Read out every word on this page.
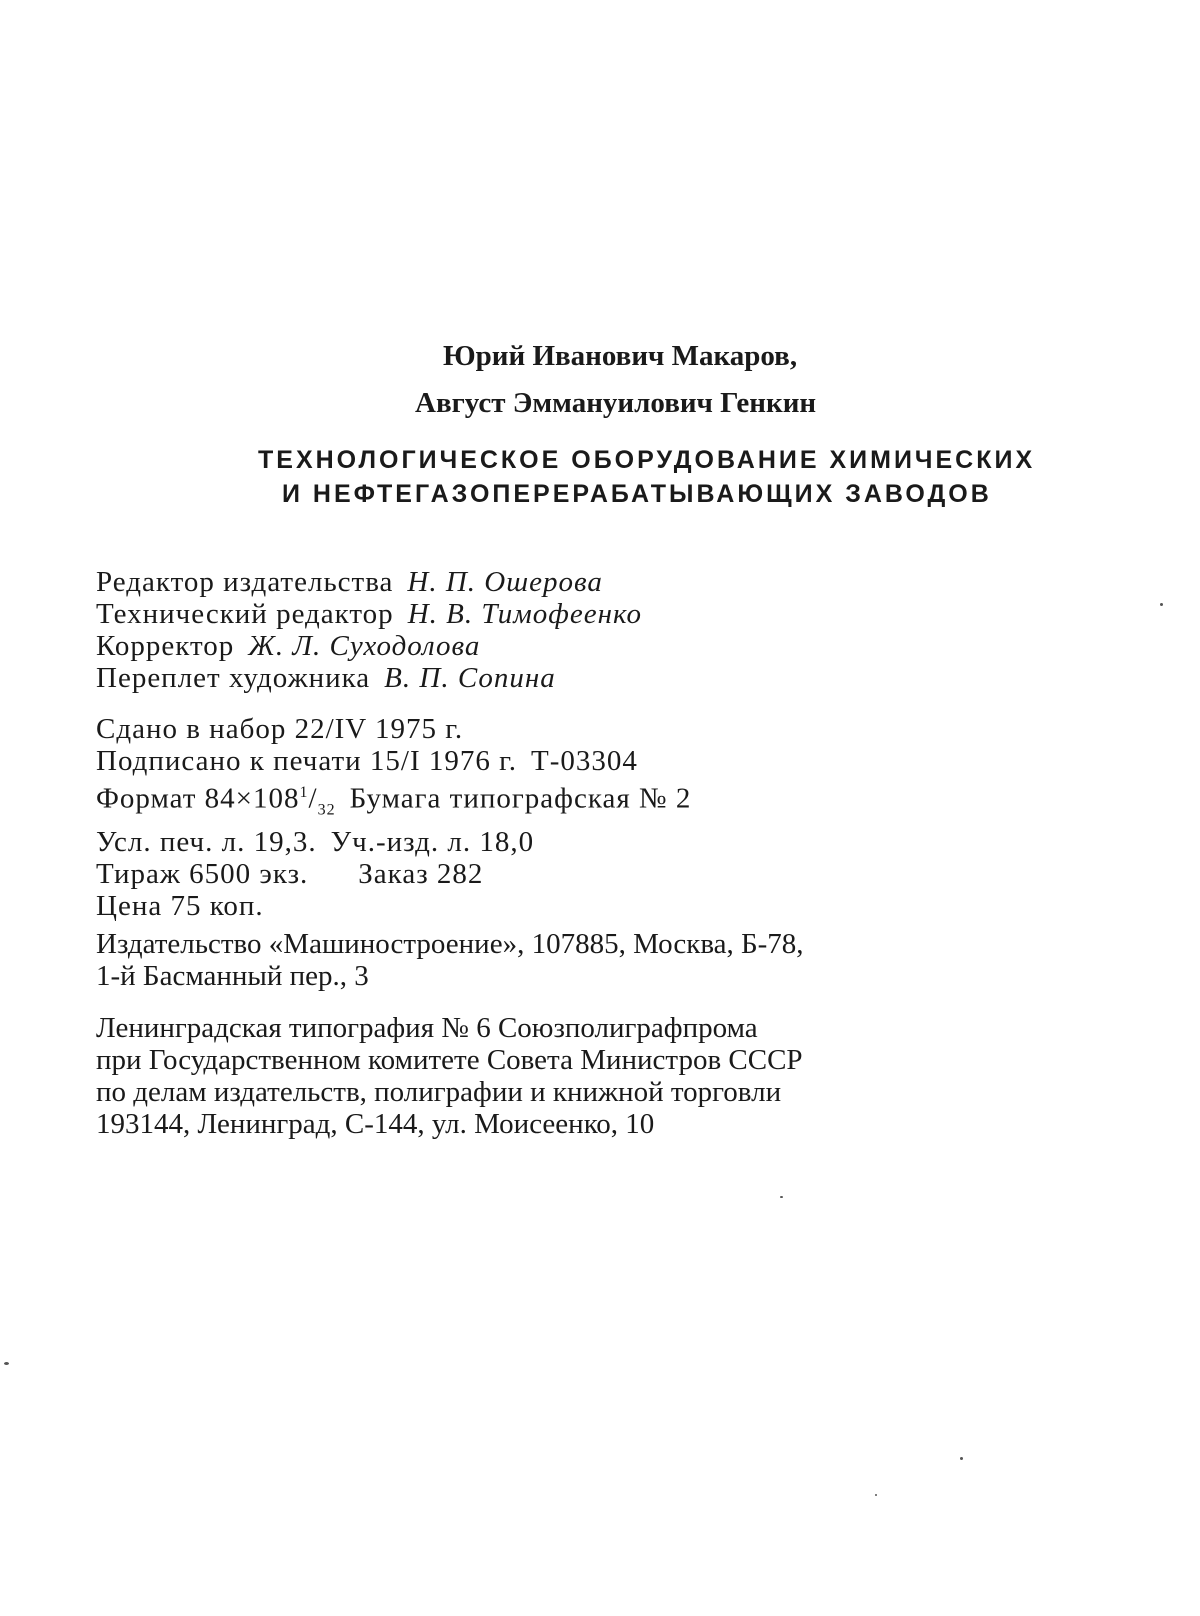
Юрий Иванович Макаров,
Август Эммануилович Генкин
ТЕХНОЛОГИЧЕСКОЕ ОБОРУДОВАНИЕ ХИМИЧЕСКИХ
И НЕФТЕГАЗОПЕРЕРАБАТЫВАЮЩИХ ЗАВОДОВ
Редактор издательства Н. П. Ошерова
Технический редактор Н. В. Тимофеенко
Корректор Ж. Л. Суходолова
Переплет художника В. П. Сопина
Сдано в набор 22/IV 1975 г.
Подписано к печати 15/I 1976 г. Т-03304
Формат $84\times 108^1/_{32}$ Бумага типографская № 2
Усл. печ. л. 19,3. Уч.-изд. л. 18,0
Тираж 6500 экз. Заказ 282
Цена 75 коп.
Издательство «Машиностроение», 107885, Москва, Б-78,
1-й Басманный пер., 3
Ленинградская типография № 6 Союзполиграфпрома
при Государственном комитете Совета Министров СССР
по делам издательств, полиграфии и книжной торговли
193144, Ленинград, С-144, ул. Моисеенко, 10
